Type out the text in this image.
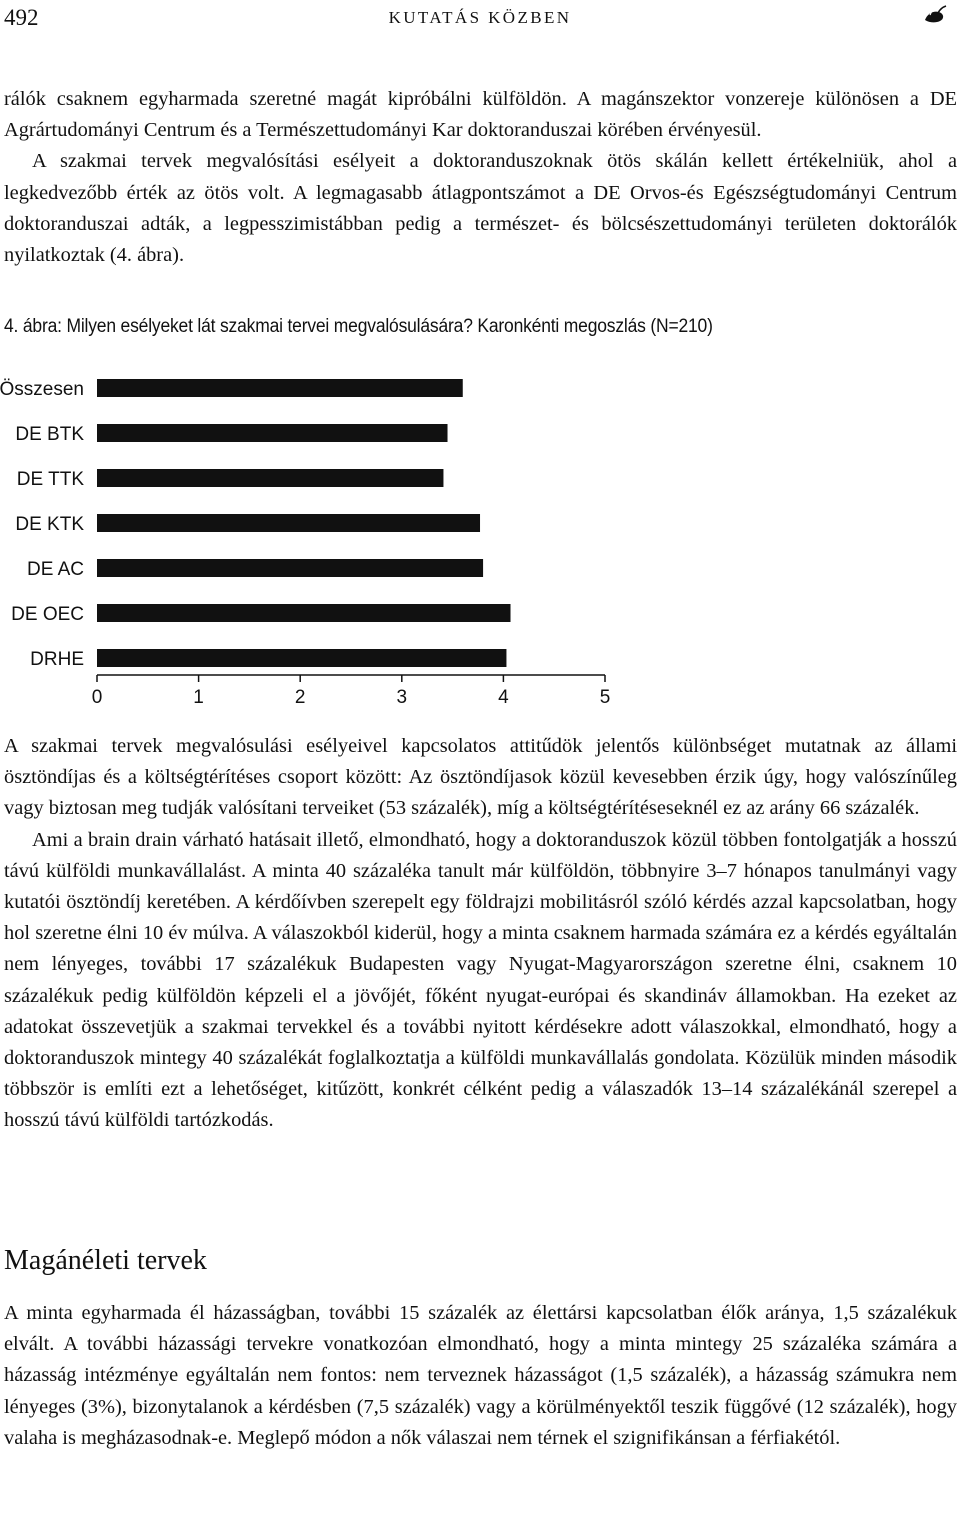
492	KUTATÁS KÖZBEN

rálók csaknem egyharmada szeretné magát kipróbálni külföldön. A magánszektor vonzereje különösen a DE Agrártudományi Centrum és a Természettudományi Kar doktoranduszai körében érvényesül.

A szakmai tervek megvalósítási esélyeit a doktoranduszoknak ötös skálán kellett értékelniük, ahol a legkedvezőbb érték az ötös volt. A legmagasabb átlagpontszámot a DE Orvos-és Egészségtudományi Centrum doktoranduszai adták, a legpesszimistábban pedig a természet- és bölcsészettudományi területen doktorálók nyilatkoztak (4. ábra).

4. ábra: Milyen esélyeket lát szakmai tervei megvalósulására? Karonkénti megoszlás (N=210)
Összesen
DE BTK
DE TTK
DE KTK
DE AC
DE OEC
DRHE
0	1	2	3	4	5

A szakmai tervek megvalósulási esélyeivel kapcsolatos attitűdök jelentős különbséget mutatnak az állami ösztöndíjas és a költségtérítéses csoport között: Az ösztöndíjasok közül kevesebben érzik úgy, hogy valószínűleg vagy biztosan meg tudják valósítani terveiket (53 százalék), míg a költségtérítéseseknél ez az arány 66 százalék.

Ami a brain drain várható hatásait illető, elmondható, hogy a doktoranduszok közül többen fontolgatják a hosszú távú külföldi munkavállalást. A minta 40 százaléka tanult már külföldön, többnyire 3–7 hónapos tanulmányi vagy kutatói ösztöndíj keretében. A kérdőívben szerepelt egy földrajzi mobilitásról szóló kérdés azzal kapcsolatban, hogy hol szeretne élni 10 év múlva. A válaszokból kiderül, hogy a minta csaknem harmada számára ez a kérdés egyáltalán nem lényeges, további 17 százalékuk Budapesten vagy Nyugat-Magyarországon szeretne élni, csaknem 10 százalékuk pedig külföldön képzeli el a jövőjét, főként nyugat-európai és skandináv államokban. Ha ezeket az adatokat összevetjük a szakmai tervekkel és a további nyitott kérdésekre adott válaszokkal, elmondható, hogy a doktoranduszok mintegy 40 százalékát foglalkoztatja a külföldi munkavállalás gondolata. Közülük minden második többször is említi ezt a lehetőséget, kitűzött, konkrét célként pedig a válaszadók 13–14 százalékánál szerepel a hosszú távú külföldi tartózkodás.

Magánéleti tervek

A minta egyharmada él házasságban, további 15 százalék az élettársi kapcsolatban élők aránya, 1,5 százalékuk elvált. A további házassági tervekre vonatkozóan elmondható, hogy a minta mintegy 25 százaléka számára a házasság intézménye egyáltalán nem fontos: nem terveznek házasságot (1,5 százalék), a házasság számukra nem lényeges (3%), bizonytalanok a kérdésben (7,5 százalék) vagy a körülményektől teszik függővé (12 százalék), hogy valaha is megházasodnak-e. Meglepő módon a nők válaszai nem térnek el szignifikánsan a férfiakétól.
